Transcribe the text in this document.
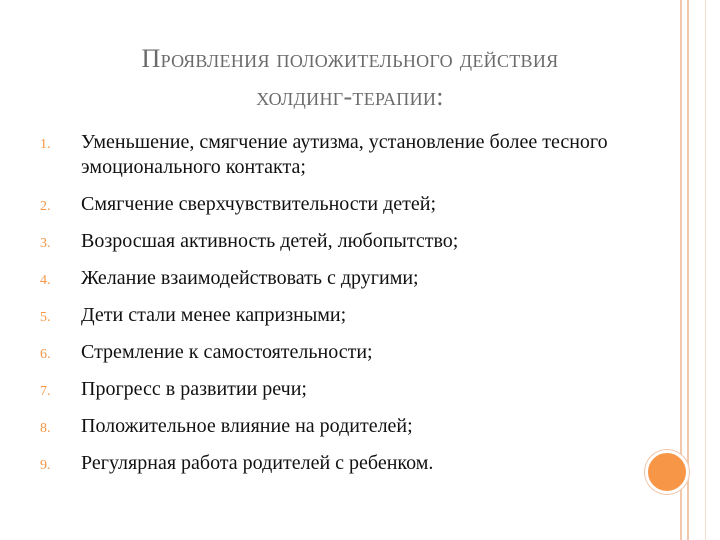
Проявления положительного действия
холдинг-терапии:
1.	Уменьшение, смягчение аутизма, установление более тесного эмоционального контакта;
2.	Смягчение сверхчувствительности детей;
3.	Возросшая активность детей, любопытство;
4.	Желание взаимодействовать с другими;
5.	Дети стали менее капризными;
6.	Стремление к самостоятельности;
7.	Прогресс в развитии речи;
8.	Положительное влияние на родителей;
9.	Регулярная работа родителей с ребенком.
